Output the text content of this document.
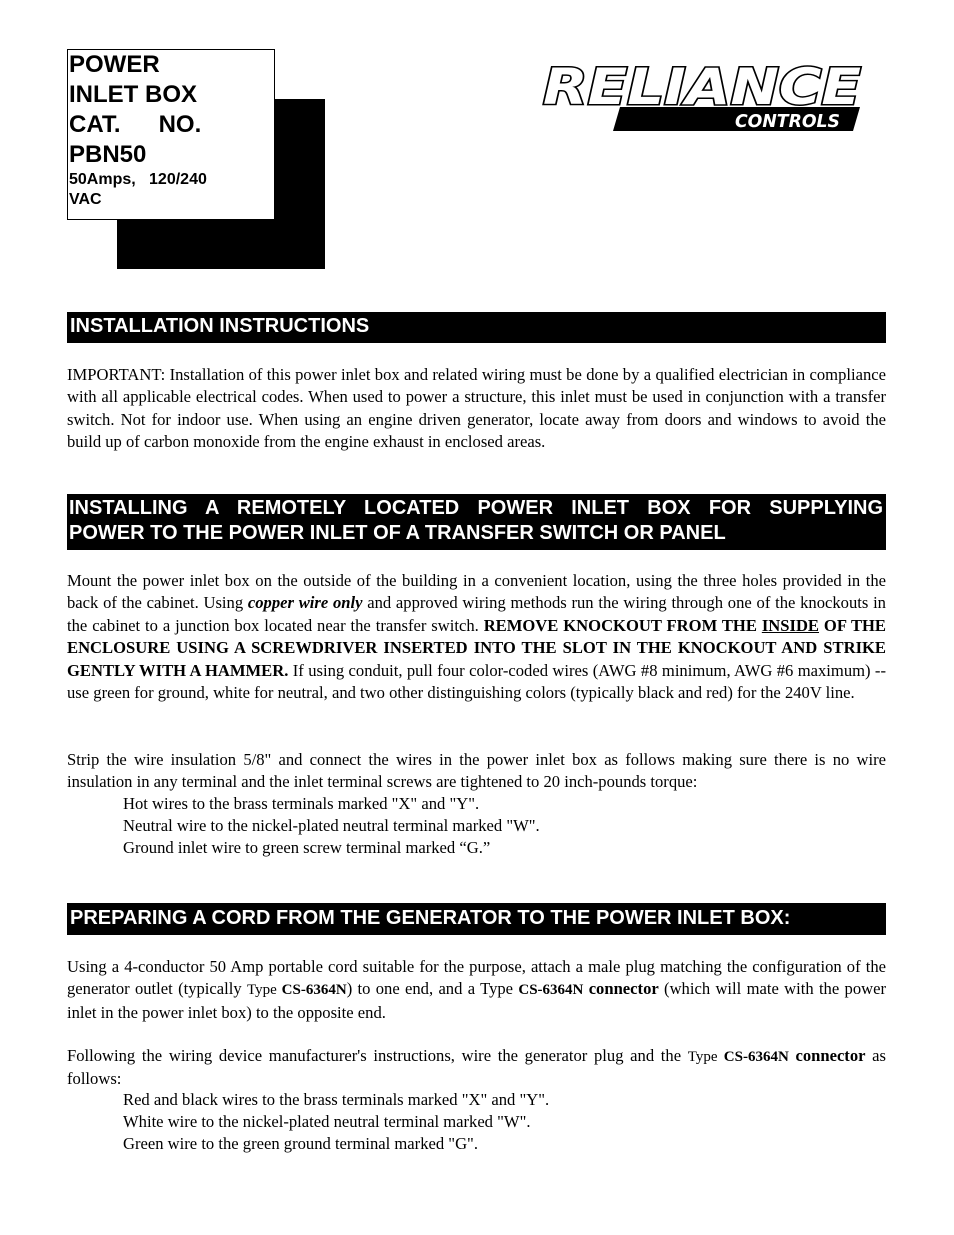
POWER
INLET BOX
CAT. NO.
PBN50
50Amps,   120/240
VAC
RELIANCE
CONTROLS
INSTALLATION INSTRUCTIONS

IMPORTANT: Installation of this power inlet box and related wiring must be done by a qualified electrician in compliance with all applicable electrical codes. When used to power a structure, this inlet must be used in conjunction with a transfer switch. Not for indoor use. When using an engine driven generator, locate away from doors and windows to avoid the build up of carbon monoxide from the engine exhaust in enclosed areas.

INSTALLING A REMOTELY LOCATED POWER INLET BOX FOR SUPPLYING
POWER TO THE POWER INLET OF A TRANSFER SWITCH OR PANEL

Mount the power inlet box on the outside of the building in a convenient location, using the three holes provided in the back of the cabinet. Using copper wire only and approved wiring methods run the wiring through one of the knockouts in the cabinet to a junction box located near the transfer switch. REMOVE KNOCKOUT FROM THE INSIDE OF THE ENCLOSURE USING A SCREWDRIVER INSERTED INTO THE SLOT IN THE KNOCKOUT AND STRIKE GENTLY WITH A HAMMER. If using conduit, pull four color-coded wires (AWG #8 minimum, AWG #6 maximum) -- use green for ground, white for neutral, and two other distinguishing colors (typically black and red) for the 240V line.

Strip the wire insulation 5/8" and connect the wires in the power inlet box as follows making sure there is no wire insulation in any terminal and the inlet terminal screws are tightened to 20 inch-pounds torque:

Hot wires to the brass terminals marked "X" and "Y".
Neutral wire to the nickel-plated neutral terminal marked "W".
Ground inlet wire to green screw terminal marked “G.”
PREPARING A CORD FROM THE GENERATOR TO THE POWER INLET BOX:

Using a 4-conductor 50 Amp portable cord suitable for the purpose, attach a male plug matching the configuration of the generator outlet (typically Type CS-6364N) to one end, and a Type CS-6364N connector (which will mate with the power inlet in the power inlet box) to the opposite end.

Following the wiring device manufacturer's instructions, wire the generator plug and the Type CS-6364N connector as follows:

Red and black wires to the brass terminals marked "X" and "Y".
White wire to the nickel-plated neutral terminal marked "W".
Green wire to the green ground terminal marked "G".
